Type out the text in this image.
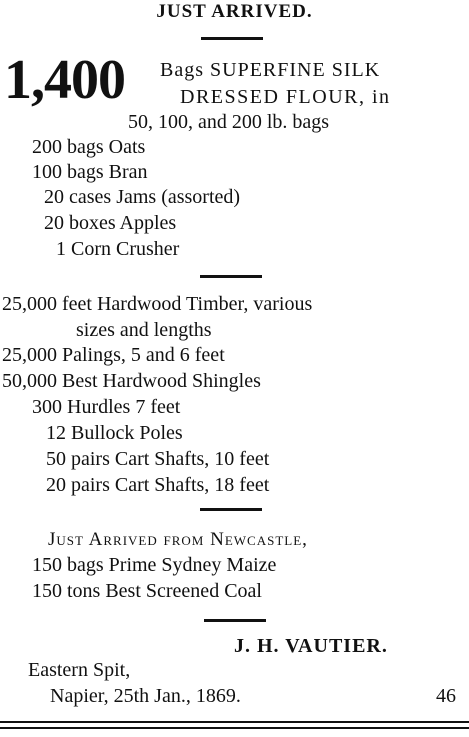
JUST ARRIVED.
1,400 Bags SUPERFINE SILK
DRESSED FLOUR, in
50, 100, and 200 lb. bags
200 bags Oats
100 bags Bran
20 cases Jams (assorted)
20 boxes Apples
1 Corn Crusher
25,000 feet Hardwood Timber, various
sizes and lengths
25,000 Palings, 5 and 6 feet
50,000 Best Hardwood Shingles
300 Hurdles 7 feet
12 Bullock Poles
50 pairs Cart Shafts, 10 feet
20 pairs Cart Shafts, 18 feet
Just Arrived from Newcastle,
150 bags Prime Sydney Maize
150 tons Best Screened Coal
J. H. VAUTIER.
Eastern Spit,
Napier, 25th Jan., 1869.	46
